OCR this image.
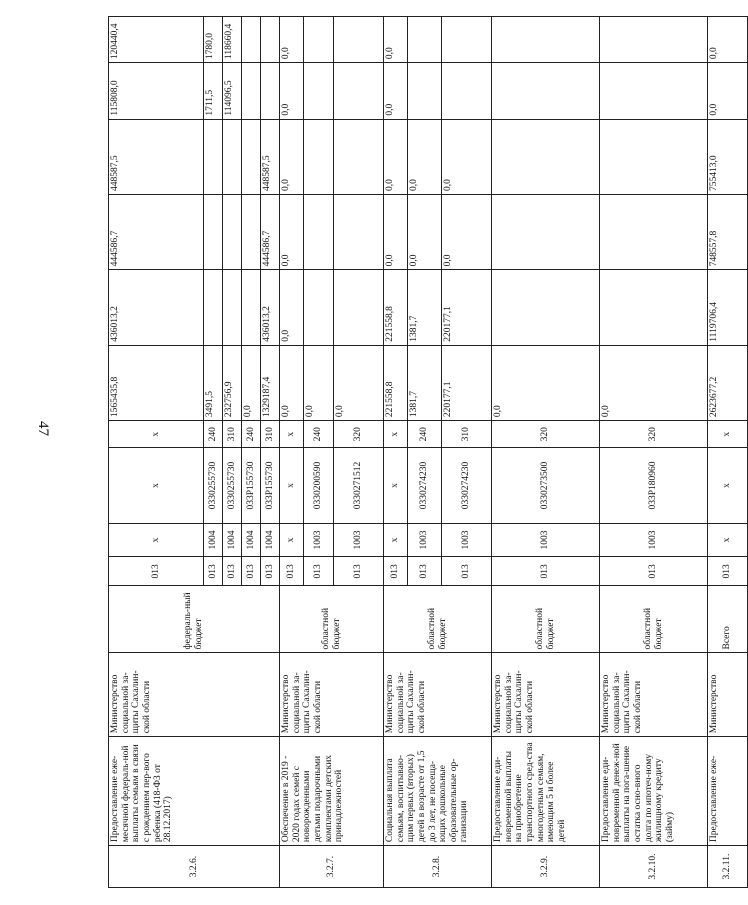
47
3.2.6.	Предоставление еже-месячной федераль-ной выплаты семьям в связи с рождением пер-вого ребенка (418-ФЗ от 28.12.2017)	Министерство социальной за-щиты Сахалин-ской области	федераль-ный бюджет	013	x	x	x	1565435,8	436013,2	444586,7	448587,5	115808,0	120440,4
				013	1004	0330255730	240	3491,5				1711,5	1780,0
				013	1004	0330255730	310	232756,9				114096,5	118660,4
				013	1004	033P155730	240	0,0					
				013	1004	033P155730	310	1329187,4	436013,2	444586,7	448587,5		
3.2.7.	Обеспечение в 2019 - 2020 годах семей с новорожденными детьми подарочными комплектами детских принадлежностей	Министерство социальной за-щиты Сахалин-ской области	областной бюджет	013	x	x	x	0,0	0,0	0,0	0,0	0,0	0,0
				013	1003	0330200590	240	0,0					
				013	1003	0330271512	320	0,0					
3.2.8.	Социальная выплата семьям, воспитываю-щим первых (вторых) детей в возрасте от 1,5 до 3 лет, не посеща-ющих дошкольные образовательные ор-ганизации	Министерство социальной за-щиты Сахалин-ской области	областной бюджет	013	x	x	x	221558,8	221558,8	0,0	0,0	0,0	0,0
				013	1003	0330274230	240	1381,7	1381,7	0,0	0,0		
				013	1003	0330274230	310	220177,1	220177,1	0,0	0,0		
3.2.9.	Предоставление еди-новременной выплаты на приобретение транспортного сред-ства многодетным семьям, имеющим 5 и более детей	Министерство социальной за-щиты Сахалин-ской области	областной бюджет	013	1003	0330273500	320	0,0					
3.2.10.	Предоставление еди-новременной денеж-ной выплаты на пога-шение остатка осно-вного долга по ипотеч-ному жилищному кредиту (займу)	Министерство социальной за-щиты Сахалин-ской области	областной бюджет	013	1003	033P180960	320	0,0					
3.2.11.	Предоставление еже-	Министерство	Всего	013	x	x	x	2623677,2	1119706,4	748557,8	755413,0	0,0	0,0
